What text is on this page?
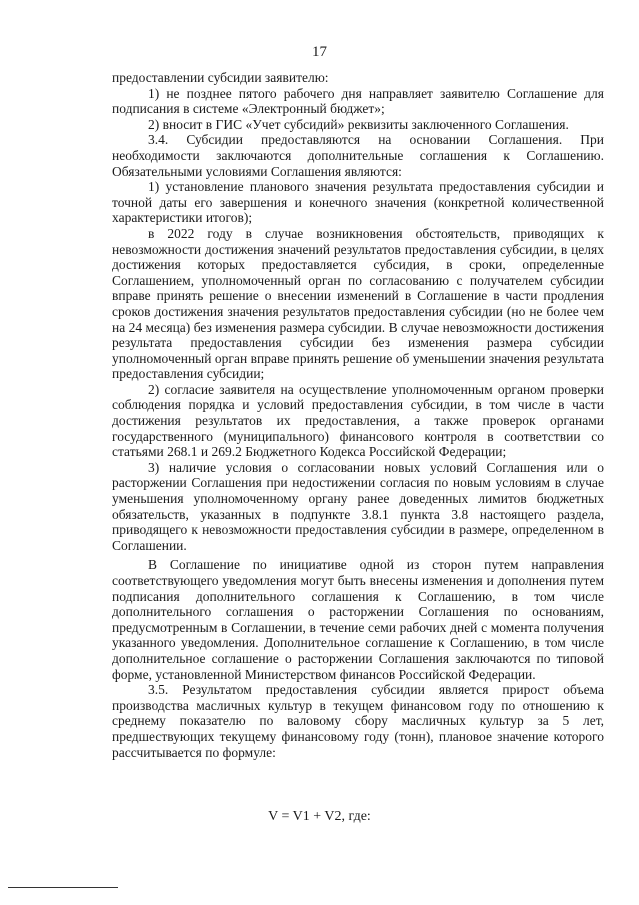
17

предоставлении субсидии заявителю:

1) не позднее пятого рабочего дня направляет заявителю Соглашение для подписания в системе «Электронный бюджет»;

2) вносит в ГИС «Учет субсидий» реквизиты заключенного Соглашения.

3.4. Субсидии предоставляются на основании Соглашения. При необходимости заключаются дополнительные соглашения к Соглашению. Обязательными условиями Соглашения являются:

1) установление планового значения результата предоставления субсидии и точной даты его завершения и конечного значения (конкретной количественной характеристики итогов);

в 2022 году в случае возникновения обстоятельств, приводящих к невозможности достижения значений результатов предоставления субсидии, в целях достижения которых предоставляется субсидия, в сроки, определенные Соглашением, уполномоченный орган по согласованию с получателем субсидии вправе принять решение о внесении изменений в Соглашение в части продления сроков достижения значения результатов предоставления субсидии (но не более чем на 24 месяца) без изменения размера субсидии. В случае невозможности достижения результата предоставления субсидии без изменения размера субсидии уполномоченный орган вправе принять решение об уменьшении значения результата предоставления субсидии;

2) согласие заявителя на осуществление уполномоченным органом проверки соблюдения порядка и условий предоставления субсидии, в том числе в части достижения результатов их предоставления, а также проверок органами государственного (муниципального) финансового контроля в соответствии со статьями 268.1 и 269.2 Бюджетного Кодекса Российской Федерации;

3) наличие условия о согласовании новых условий Соглашения или о расторжении Соглашения при недостижении согласия по новым условиям в случае уменьшения уполномоченному органу ранее доведенных лимитов бюджетных обязательств, указанных в подпункте 3.8.1 пункта 3.8 настоящего раздела, приводящего к невозможности предоставления субсидии в размере, определенном в Соглашении.

В Соглашение по инициативе одной из сторон путем направления соответствующего уведомления могут быть внесены изменения и дополнения путем подписания дополнительного соглашения к Соглашению, в том числе дополнительного соглашения о расторжении Соглашения по основаниям, предусмотренным в Соглашении, в течение семи рабочих дней с момента получения указанного уведомления. Дополнительное соглашение к Соглашению, в том числе дополнительное соглашение о расторжении Соглашения заключаются по типовой форме, установленной Министерством финансов Российской Федерации.

3.5. Результатом предоставления субсидии является прирост объема производства масличных культур в текущем финансовом году по отношению к среднему показателю по валовому сбору масличных культур за 5 лет, предшествующих текущему финансовому году (тонн), плановое значение которого рассчитывается по формуле:

V = V1 + V2, где:
